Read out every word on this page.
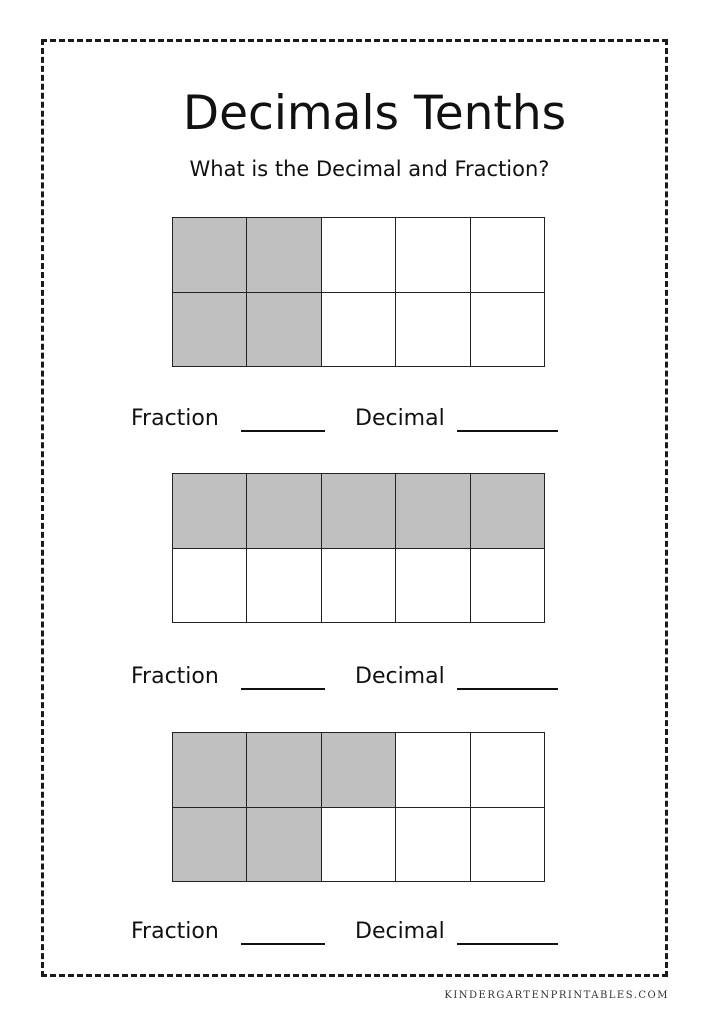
Decimals Tenths
What is the Decimal and Fraction?
Fraction	Decimal
Fraction	Decimal
Fraction	Decimal
KINDERGARTENPRINTABLES.COM
